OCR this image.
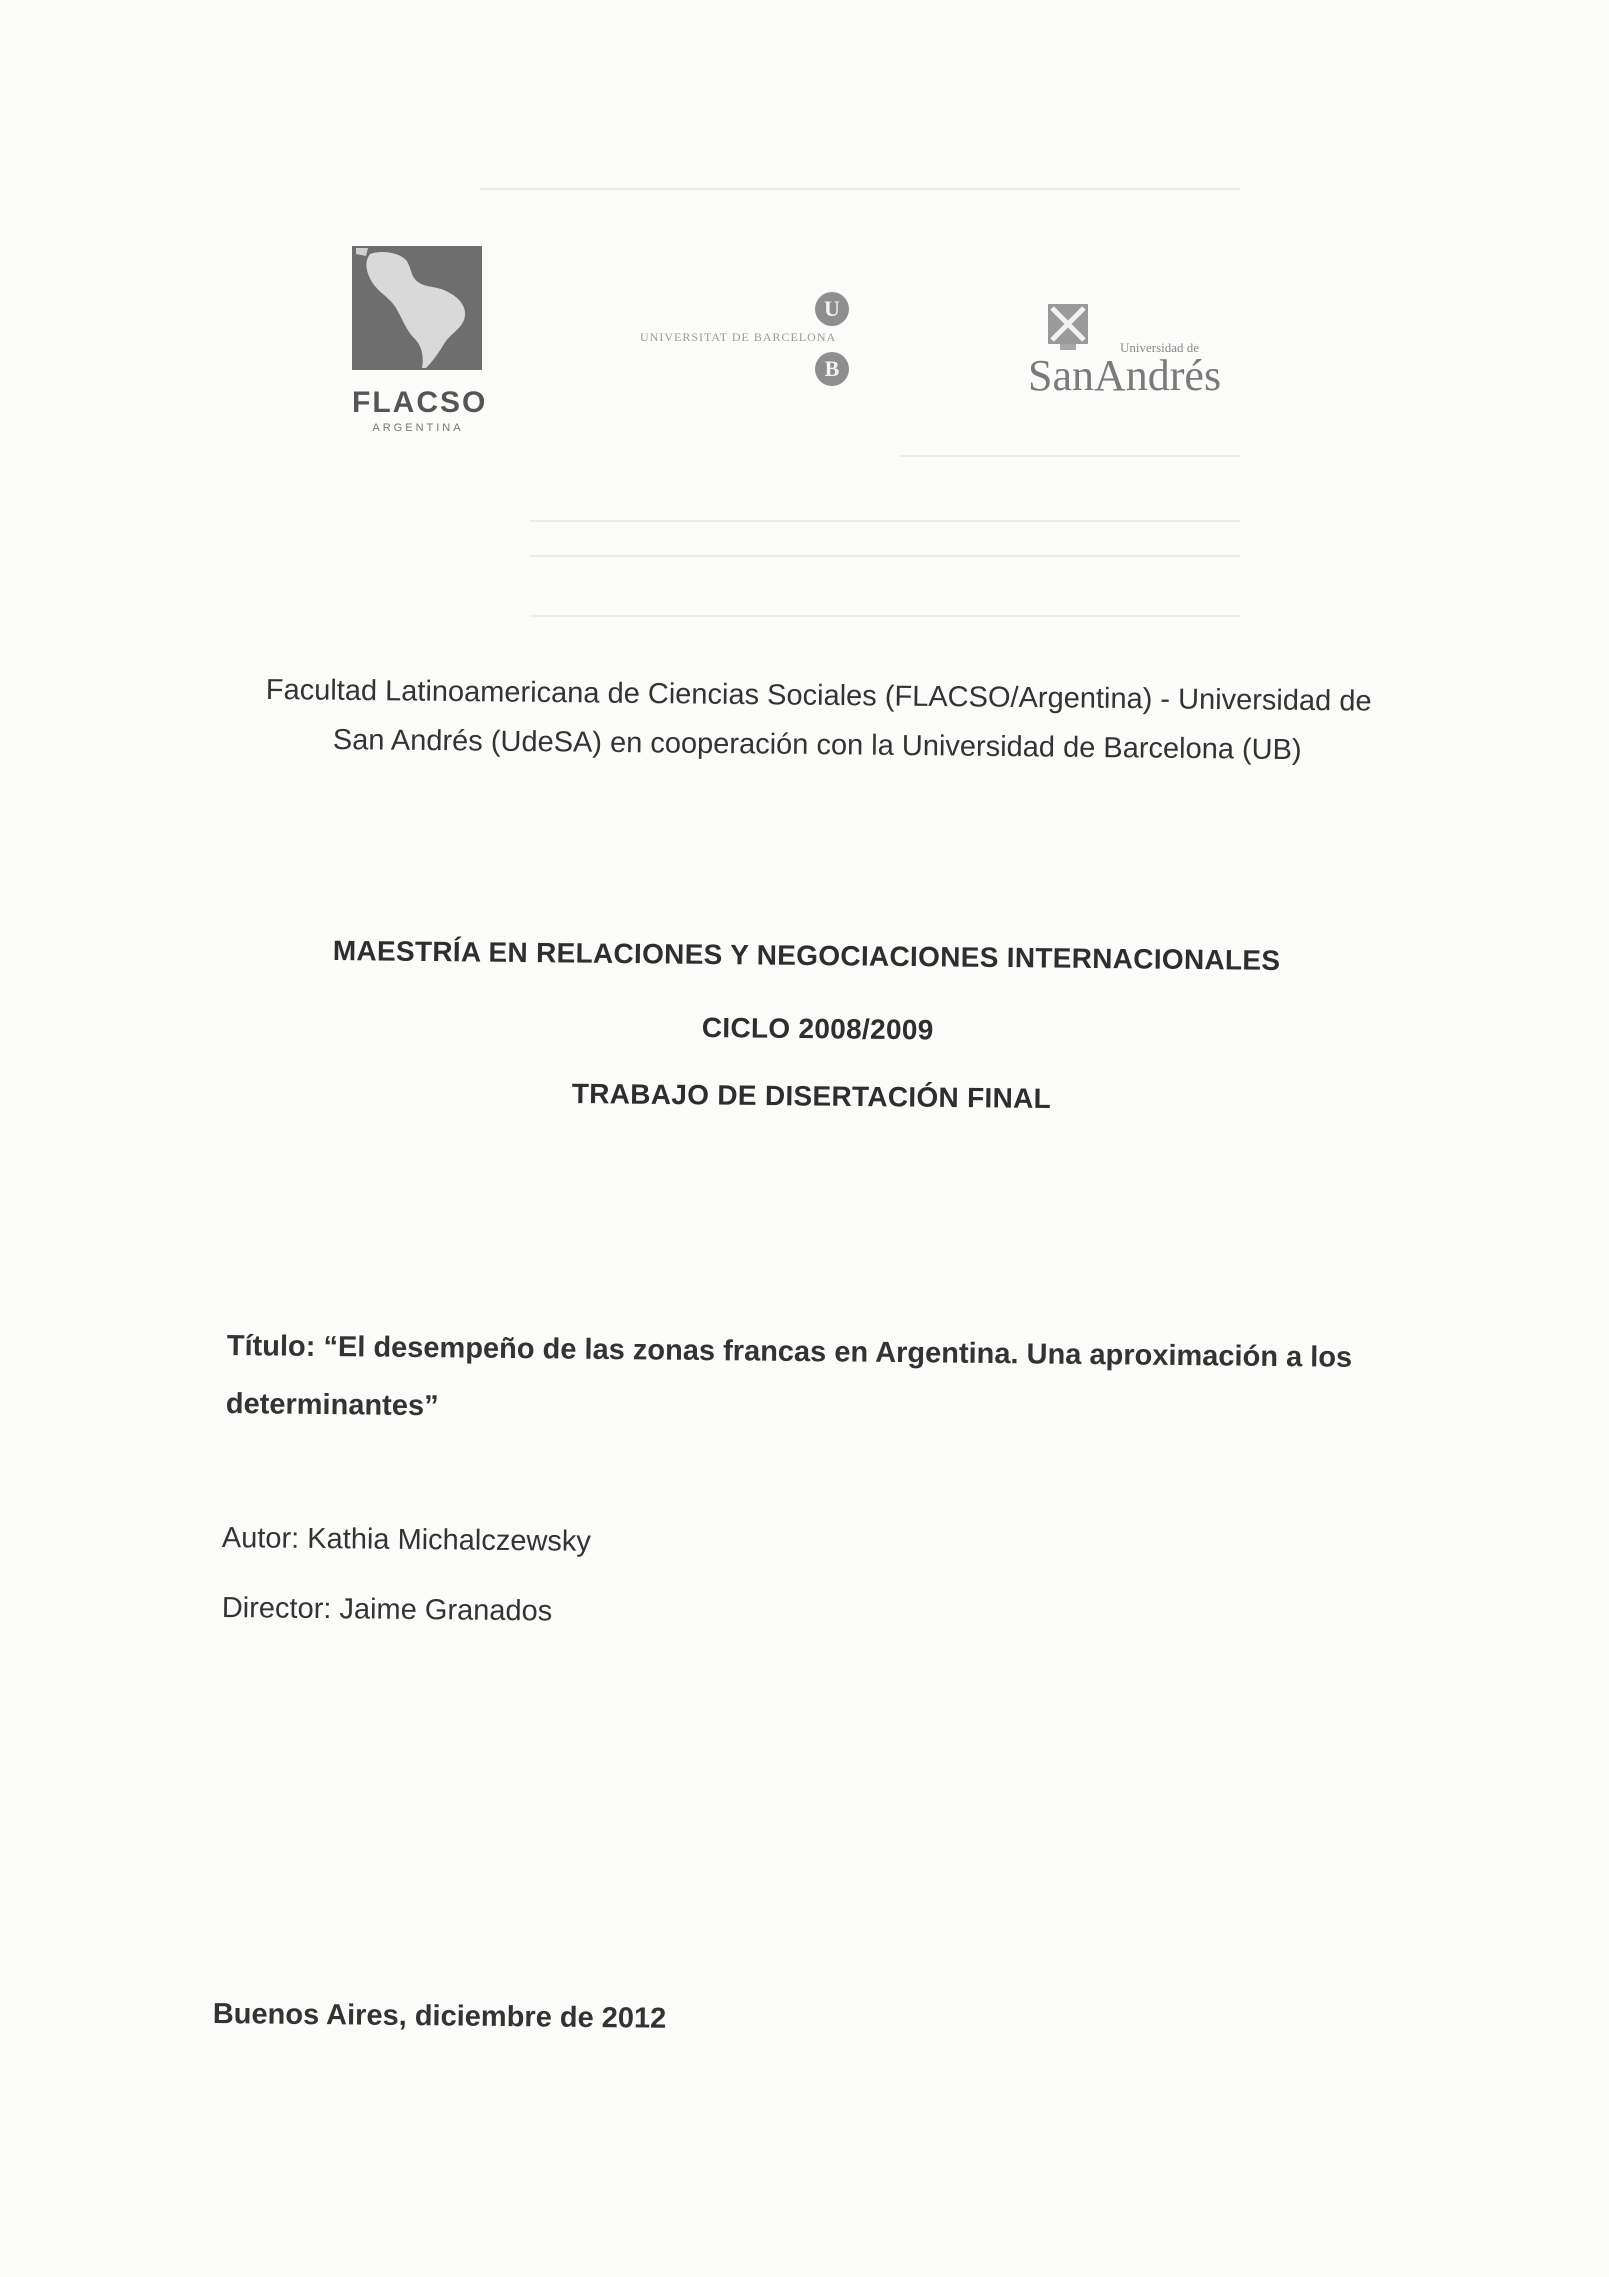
FLACSO
ARGENTINA
U
UNIVERSITAT DE BARCELONA
B
Universidad de
SanAndrés
Facultad Latinoamericana de Ciencias Sociales (FLACSO/Argentina) - Universidad de
San Andrés (UdeSA) en cooperación con la Universidad de Barcelona (UB)
MAESTRÍA EN RELACIONES Y NEGOCIACIONES INTERNACIONALES
CICLO 2008/2009
TRABAJO DE DISERTACIÓN FINAL
Título: “El desempeño de las zonas francas en Argentina. Una aproximación a los
determinantes”
Autor: Kathia Michalczewsky
Director: Jaime Granados
Buenos Aires, diciembre de 2012
